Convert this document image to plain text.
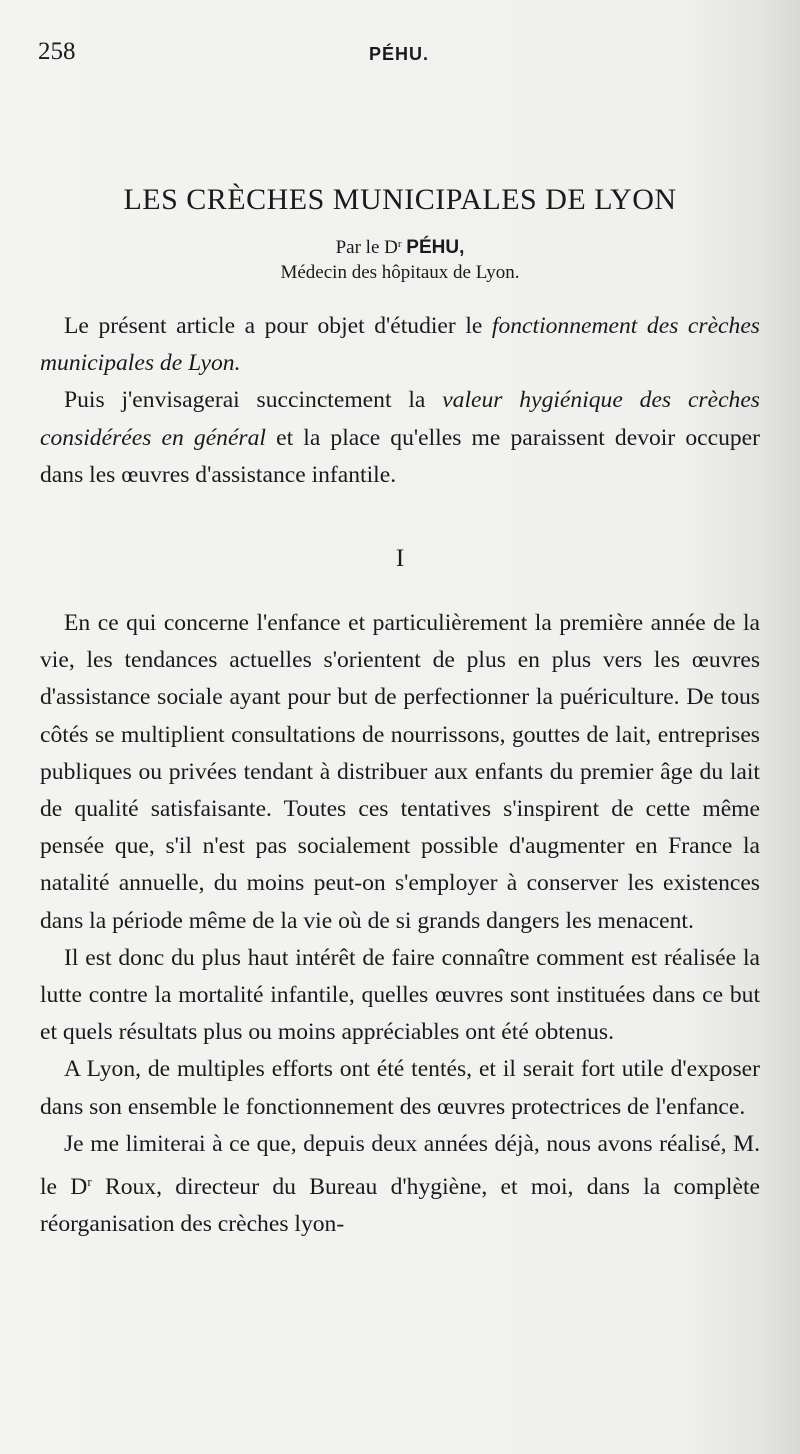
258	PÉHU.
LES CRÈCHES MUNICIPALES DE LYON
Par le $D^r$ PÉHU,
Médecin des hôpitaux de Lyon.

Le présent article a pour objet d'étudier le fonctionnement des crèches municipales de Lyon.

Puis j'envisagerai succinctement la valeur hygiénique des crèches considérées en général et la place qu'elles me paraissent devoir occuper dans les œuvres d'assistance infantile.

I

En ce qui concerne l'enfance et particulièrement la première année de la vie, les tendances actuelles s'orientent de plus en plus vers les œuvres d'assistance sociale ayant pour but de perfectionner la puériculture. De tous côtés se multiplient consultations de nourrissons, gouttes de lait, entreprises publiques ou privées tendant à distribuer aux enfants du premier âge du lait de qualité satisfaisante. Toutes ces tentatives s'inspirent de cette même pensée que, s'il n'est pas socialement possible d'augmenter en France la natalité annuelle, du moins peut-on s'employer à conserver les existences dans la période même de la vie où de si grands dangers les menacent.

Il est donc du plus haut intérêt de faire connaître comment est réalisée la lutte contre la mortalité infantile, quelles œuvres sont instituées dans ce but et quels résultats plus ou moins appréciables ont été obtenus.

A Lyon, de multiples efforts ont été tentés, et il serait fort utile d'exposer dans son ensemble le fonctionnement des œuvres protectrices de l'enfance.

Je me limiterai à ce que, depuis deux années déjà, nous avons réalisé, M. le $D^r$ Roux, directeur du Bureau d'hygiène, et moi, dans la complète réorganisation des crèches lyon-
